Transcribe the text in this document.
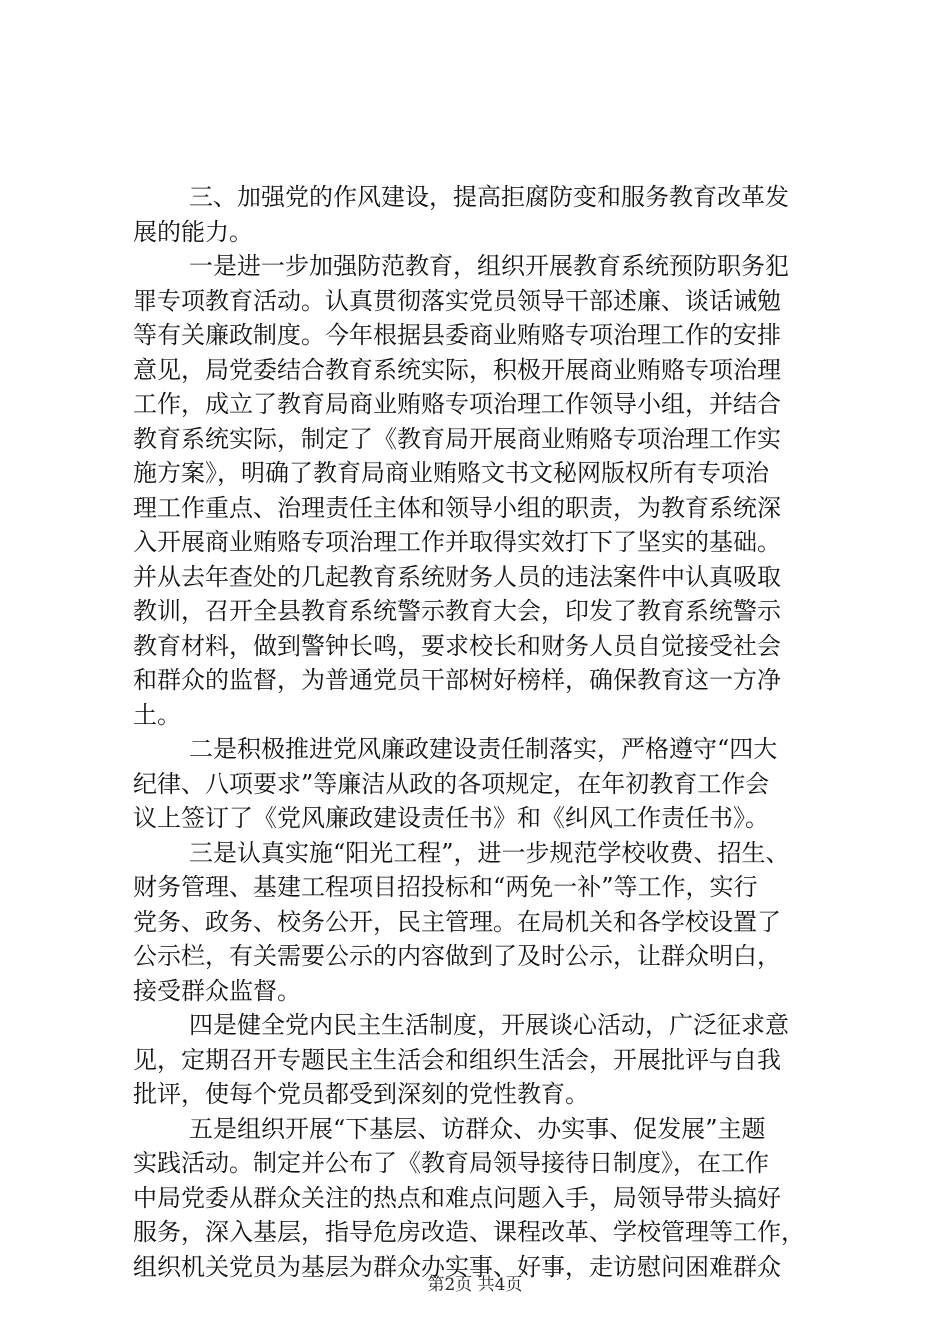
三、加强党的作风建设，提高拒腐防变和服务教育改革发
展的能力。
一是进一步加强防范教育，组织开展教育系统预防职务犯
罪专项教育活动。认真贯彻落实党员领导干部述廉、谈话诫勉
等有关廉政制度。今年根据县委商业贿赂专项治理工作的安排
意见，局党委结合教育系统实际，积极开展商业贿赂专项治理
工作，成立了教育局商业贿赂专项治理工作领导小组，并结合
教育系统实际，制定了《教育局开展商业贿赂专项治理工作实
施方案》，明确了教育局商业贿赂文书文秘网版权所有专项治
理工作重点、治理责任主体和领导小组的职责，为教育系统深
入开展商业贿赂专项治理工作并取得实效打下了坚实的基础。
并从去年查处的几起教育系统财务人员的违法案件中认真吸取
教训，召开全县教育系统警示教育大会，印发了教育系统警示
教育材料，做到警钟长鸣，要求校长和财务人员自觉接受社会
和群众的监督，为普通党员干部树好榜样，确保教育这一方净
土。
二是积极推进党风廉政建设责任制落实，严格遵守“四大
纪律、八项要求”等廉洁从政的各项规定，在年初教育工作会
议上签订了《党风廉政建设责任书》和《纠风工作责任书》。
三是认真实施“阳光工程”，进一步规范学校收费、招生、
财务管理、基建工程项目招投标和“两免一补”等工作，实行
党务、政务、校务公开，民主管理。在局机关和各学校设置了
公示栏，有关需要公示的内容做到了及时公示，让群众明白，
接受群众监督。
四是健全党内民主生活制度，开展谈心活动，广泛征求意
见，定期召开专题民主生活会和组织生活会，开展批评与自我
批评，使每个党员都受到深刻的党性教育。
五是组织开展“下基层、访群众、办实事、促发展”主题
实践活动。制定并公布了《教育局领导接待日制度》，在工作
中局党委从群众关注的热点和难点问题入手，局领导带头搞好
服务，深入基层，指导危房改造、课程改革、学校管理等工作，
组织机关党员为基层为群众办实事、好事，走访慰问困难群众
第2页 共4页
